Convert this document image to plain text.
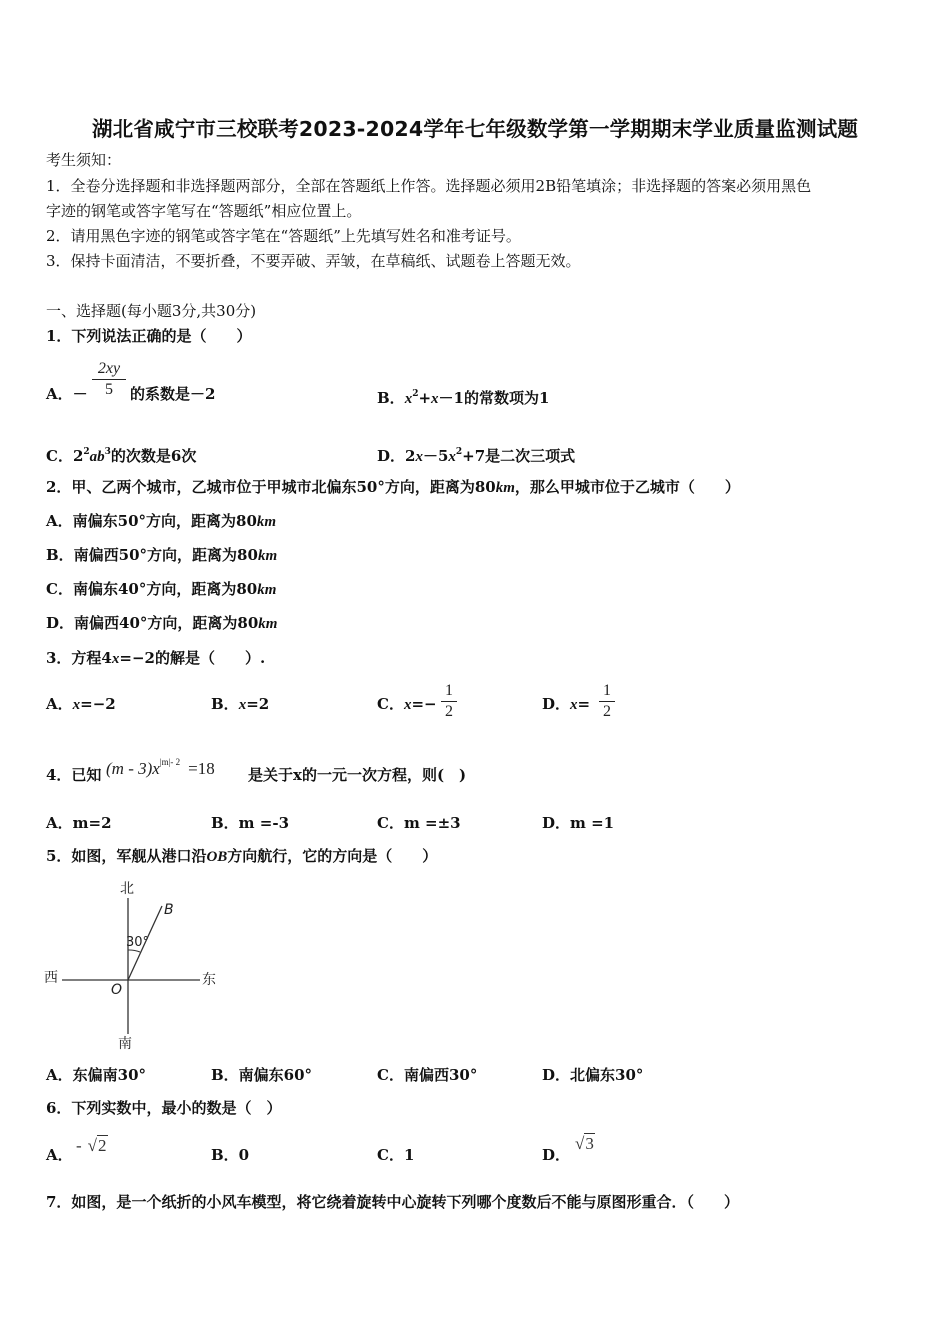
湖北省咸宁市三校联考2023-2024学年七年级数学第一学期期末学业质量监测试题
考生须知：
1．全卷分选择题和非选择题两部分，全部在答题纸上作答。选择题必须用2B铅笔填涂；非选择题的答案必须用黑色
字迹的钢笔或答字笔写在“答题纸”相应位置上。
2．请用黑色字迹的钢笔或答字笔在“答题纸”上先填写姓名和准考证号。
3．保持卡面清洁，不要折叠，不要弄破、弄皱，在草稿纸、试题卷上答题无效。
一、选择题(每小题3分,共30分)
1．下列说法正确的是（　　）
A．－
2xy
5	的系数是－2	B．$x^2+x-1$的常数项为1
C．$2^2ab^3$的次数是6次	D．$2x-5x^2+7$是二次三项式
2．甲、乙两个城市，乙城市位于甲城市北偏东50°方向，距离为80km，那么甲城市位于乙城市（　　）
A．南偏东50°方向，距离为80km
B．南偏西50°方向，距离为80km
C．南偏东40°方向，距离为80km
D．南偏西40°方向，距离为80km
3．方程4x=−2的解是（　　）.
A．x=−2	B．x=2	C．x=−
1
2	D．x=
1
2
4．已知 $(m - 3)x^{|m|- 2} =18$ 是关于x的一元一次方程，则(　)
A．m=2	B．m =-3	C．m =±3	D．m =1
5．如图，军舰从港口沿OB方向航行，它的方向是（　　）
北
南
西	东
O
B
30°
A．东偏南30°	B．南偏东60°	C．南偏西30°	D．北偏东30°
6．下列实数中，最小的数是（　）
A． - √2	B．0	C．1	D．
√3
7．如图，是一个纸折的小风车模型，将它绕着旋转中心旋转下列哪个度数后不能与原图形重合．（　　）
